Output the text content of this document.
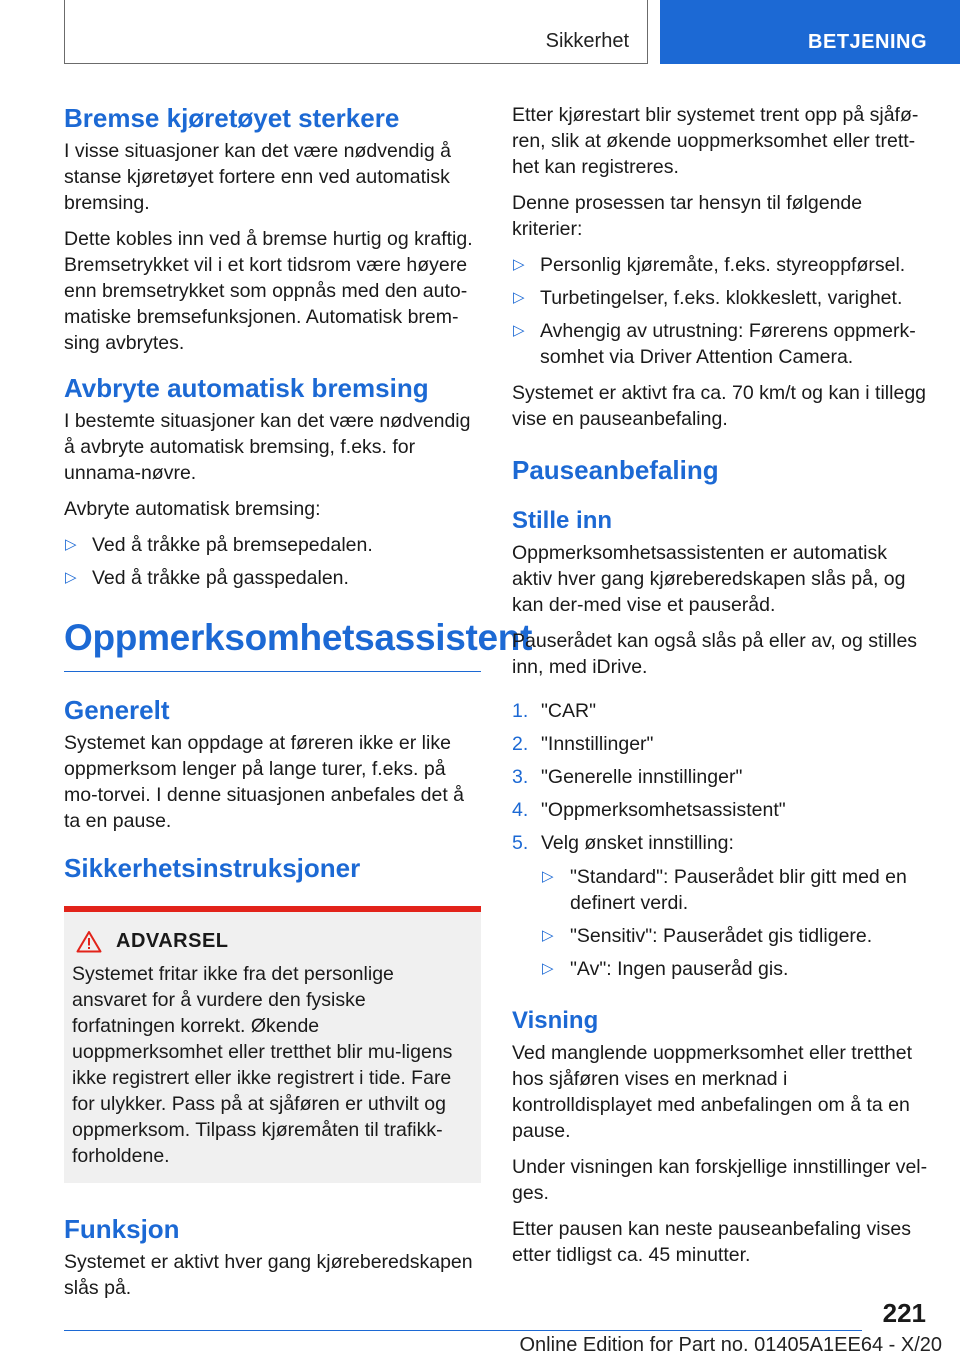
Sikkerhet	BETJENING
Bremse kjøretøyet sterkere

I visse situasjoner kan det være nødvendig å stanse kjøretøyet fortere enn ved automatisk bremsing.

Dette kobles inn ved å bremse hurtig og kraftig. Bremsetrykket vil i et kort tidsrom være høyere enn bremsetrykket som oppnås med den auto-matiske bremsefunksjonen. Automatisk brem-sing avbrytes.

Avbryte automatisk bremsing

I bestemte situasjoner kan det være nødvendig å avbryte automatisk bremsing, f.eks. for unnama-nøvre.

Avbryte automatisk bremsing:

▷ Ved å tråkke på bremsepedalen.
▷ Ved å tråkke på gasspedalen.
Oppmerksomhetsassistent
Generelt

Systemet kan oppdage at føreren ikke er like oppmerksom lenger på lange turer, f.eks. på mo-torvei. I denne situasjonen anbefales det å ta en pause.

Sikkerhetsinstruksjoner
ADVARSEL

Systemet fritar ikke fra det personlige ansvaret for å vurdere den fysiske forfatningen korrekt. Økende uoppmerksomhet eller tretthet blir mu-ligens ikke registrert eller ikke registrert i tide. Fare for ulykker. Pass på at sjåføren er uthvilt og oppmerksom. Tilpass kjøremåten til trafikk-forholdene.

Funksjon

Systemet er aktivt hver gang kjøreberedskapen slås på.

Etter kjørestart blir systemet trent opp på sjåfø-ren, slik at økende uoppmerksomhet eller trett-het kan registreres.

Denne prosessen tar hensyn til følgende kriterier:

▷ Personlig kjøremåte, f.eks. styreoppførsel.
▷ Turbetingelser, f.eks. klokkeslett, varighet.
▷ Avhengig av utrustning: Førerens oppmerk-somhet via Driver Attention Camera.

Systemet er aktivt fra ca. 70 km/t og kan i tillegg vise en pauseanbefaling.

Pauseanbefaling
Stille inn

Oppmerksomhetsassistenten er automatisk aktiv hver gang kjøreberedskapen slås på, og kan der-med vise et pauseråd.

Pauserådet kan også slås på eller av, og stilles inn, med iDrive.

1. "CAR"
2. "Innstillinger"
3. "Generelle innstillinger"
4. "Oppmerksomhetsassistent"
5. Velg ønsket innstilling:
▷ "Standard": Pauserådet blir gitt med en definert verdi.
▷ "Sensitiv": Pauserådet gis tidligere.
▷ "Av": Ingen pauseråd gis.
Visning

Ved manglende uoppmerksomhet eller tretthet hos sjåføren vises en merknad i kontrolldisplayet med anbefalingen om å ta en pause.

Under visningen kan forskjellige innstillinger vel-ges.

Etter pausen kan neste pauseanbefaling vises etter tidligst ca. 45 minutter.

221
Online Edition for Part no. 01405A1EE64 - X/20
